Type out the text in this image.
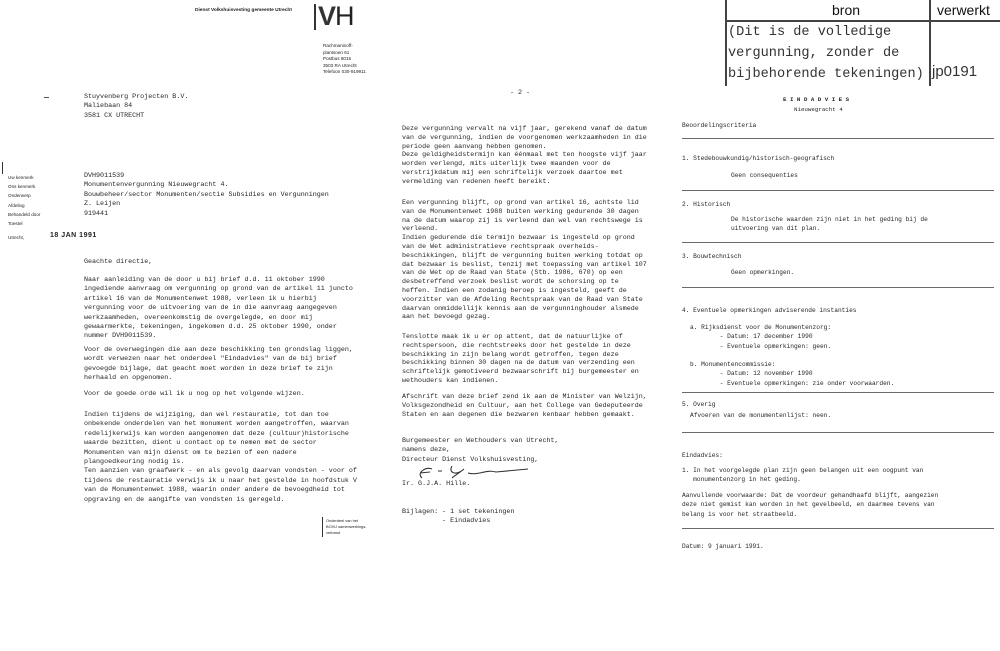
Dienst Volkshuisvesting gemeente Utrecht VH
Rachmaninoff-
plantsoen 61
Postbus 8015
3503 RA Utrecht
Telefoon 030-919911
bron	verwerkt
(Dit is de volledige
vergunning, zonder de
bijbehorende tekeningen) jp0191
Stuyvenberg Projecten B.V.
Maliebaan 84
3581 CX UTRECHT
Uw kenmerk
Ons kenmerk
Onderwerp
Afdeling
Behandeld door
Toestel
DVH9011539
Monumentenvergunning Nieuwegracht 4.
Bouwbeheer/sector Monumenten/sectie Subsidies en Vergunningen
Z. Leijen
919441
Utrecht,	18 JAN 1991
Geachte directie,
Naar aanleiding van de door u bij brief d.d. 11 oktober 1990
ingediende aanvraag om vergunning op grond van de artikel 11 juncto
artikel 16 van de Monumentenwet 1988, verleen ik u hierbij
vergunning voor de uitvoering van de in die aanvraag aangegeven
werkzaamheden, overeenkomstig de overgelegde, en door mij
gewaarmerkte, tekeningen, ingekomen d.d. 25 oktober 1990, onder
nummer DVH9011539.
Voor de overwegingen die aan deze beschikking ten grondslag liggen,
wordt verwezen naar het onderdeel "Eindadvies" van de bij brief
gevoegde bijlage, dat geacht moet worden in deze brief te zijn
herhaald en opgenomen.
Voor de goede orde wil ik u nog op het volgende wijzen.
Indien tijdens de wijziging, dan wel restauratie, tot dan toe
onbekende onderdelen van het monument worden aangetroffen, waarvan
redelijkerwijs kan worden aangenomen dat deze (cultuur)historische
waarde bezitten, dient u contact op te nemen met de sector
Monumenten van mijn dienst om te bezien of een nadere
plangoedkeuring nodig is.
Ten aanzien van graafwerk - en als gevolg daarvan vondsten - voor of
tijdens de restauratie verwijs ik u naar het gestelde in hoofdstuk V
van de Monumentenwet 1988, waarin onder andere de bevoegdheid tot
opgraving en de aangifte van vondsten is geregeld.
Onderdeel van het
BOVU samenwerkings-
verband
- 2 -
Deze vergunning vervalt na vijf jaar, gerekend vanaf de datum
van de vergunning, indien de voorgenomen werkzaamheden in die
periode geen aanvang hebben genomen.
Deze geldigheidstermijn kan éénmaal met ten hoogste vijf jaar
worden verlengd, mits uiterlijk twee maanden voor de
verstrijkdatum mij een schriftelijk verzoek daartoe met
vermelding van redenen heeft bereikt.
Een vergunning blijft, op grond van artikel 16, achtste lid
van de Monumentenwet 1988 buiten werking gedurende 30 dagen
na de datum waarop zij is verleend dan wel van rechtswege is
verleend.
Indien gedurende die termijn bezwaar is ingesteld op grond
van de Wet administratieve rechtspraak overheids-
beschikkingen, blijft de vergunning buiten werking totdat op
dat bezwaar is beslist, tenzij met toepassing van artikel 107
van de Wet op de Raad van State (Stb. 1986, 670) op een
desbetreffend verzoek beslist wordt de schorsing op te
heffen. Indien een zodanig beroep is ingesteld, geeft de
voorzitter van de Afdeling Rechtspraak van de Raad van State
daarvan onmiddellijk kennis aan de vergunninghouder alsmede
aan het bevoegd gezag.
Tenslotte maak ik u er op attent, dat de natuurlijke of
rechtspersoon, die rechtstreeks door het gestelde in deze
beschikking in zijn belang wordt getroffen, tegen deze
beschikking binnen 30 dagen na de datum van verzending een
schriftelijk gemotiveerd bezwaarschrift bij burgemeester en
wethouders kan indienen.
Afschrift van deze brief zend ik aan de Minister van Welzijn,
Volksgezondheid en Cultuur, aan het College van Gedeputeerde
Staten en aan degenen die bezwaren kenbaar hebben gemaakt.
Burgemeester en Wethouders van Utrecht,
namens deze,
Directeur Dienst Volkshuisvesting,
Ir. G.J.A. Hille.
Bijlagen: - 1 set tekeningen
- Eindadvies
E I N D A D V I E S
Nieuwegracht 4
Beoordelingscriteria
1. Stedebouwkundig/historisch-geografisch
Geen consequenties
2. Historisch
De historische waarden zijn niet in het geding bij de
uitvoering van dit plan.
3. Bouwtechnisch
Geen opmerkingen.
4. Eventuele opmerkingen adviserende instanties
a. Rijksdienst voor de Monumentenzorg:
- Datum: 17 december 1990
- Eventuele opmerkingen: geen.
b. Monumentencommissie:
- Datum: 12 november 1990
- Eventuele opmerkingen: zie onder voorwaarden.
5. Overig
Afvoeren van de monumentenlijst: neen.
Eindadvies:
1. In het voorgelegde plan zijn geen belangen uit een oogpunt van
monumentenzorg in het geding.
Aanvullende voorwaarde: Dat de voordeur gehandhaafd blijft, aangezien
deze niet gemist kan worden in het gevelbeeld, en daarmee tevens van
belang is voor het straatbeeld.
Datum: 9 januari 1991.
